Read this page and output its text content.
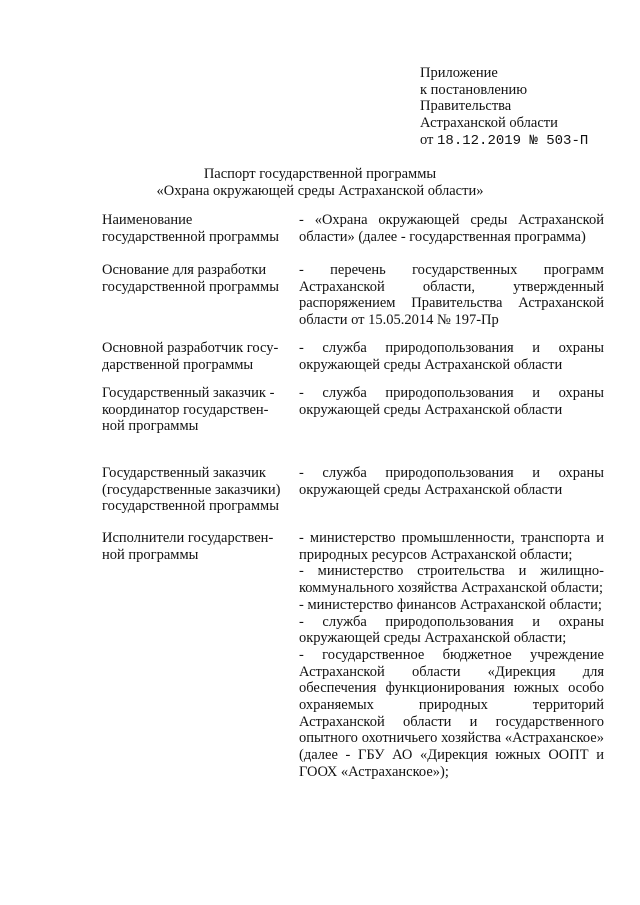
Приложение
к постановлению
Правительства
Астраханской области
от 18.12.2019 № 503-П
Паспорт государственной программы
«Охрана окружающей среды Астраханской области»
Наименование
государственной программы

- «Охрана окружающей среды Астраханской области» (далее - государственная программа)

Основание для разработки
государственной программы

- перечень государственных программ Астраханской области, утвержденный распоряжением Правительства Астраханской области от 15.05.2014 № 197-Пр

Основной разработчик госу-
дарственной программы

- служба природопользования и охраны окружающей среды Астраханской области

Государственный заказчик -
координатор государствен-
ной программы

- служба природопользования и охраны окружающей среды Астраханской области

Государственный заказчик
(государственные заказчики)
государственной программы

- служба природопользования и охраны окружающей среды Астраханской области

Исполнители государствен-
ной программы

- министерство промышленности, транспорта и природных ресурсов Астраханской области;

- министерство строительства и жилищно-коммунального хозяйства Астраханской области;

- министерство финансов Астраханской области;

- служба природопользования и охраны окружающей среды Астраханской области;

- государственное бюджетное учреждение Астраханской области «Дирекция для обеспечения функционирования южных особо охраняемых природных территорий Астраханской области и государственного опытного охотничьего хозяйства «Астраханское» (далее - ГБУ АО «Дирекция южных ООПТ и ГООХ «Астраханское»);
